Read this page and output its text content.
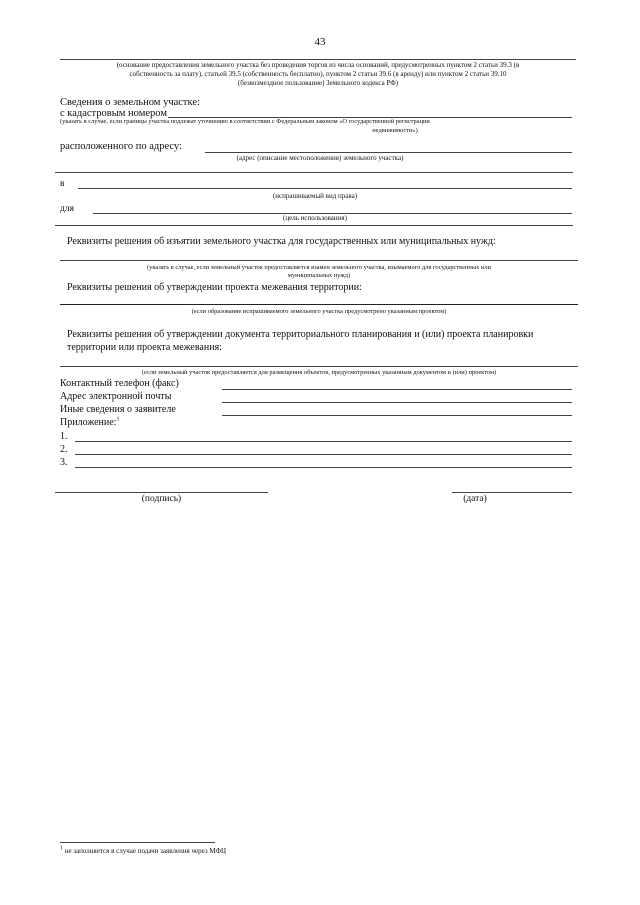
43
(основание предоставления земельного участка без проведения торгов из числа оснований, предусмотренных пунктом 2 статьи 39.3 (в
собственность за плату), статьей 39.5 (собственность бесплатно), пунктом 2 статьи 39.6 (в аренду) или пунктом 2 статьи 39.10
(безвозмездное пользование) Земельного кодекса РФ)
Сведения о земельном участке:
с кадастровым номером
(указать в случае, если границы участка подлежат уточнению в соответствии с Федеральным законом «О государственной регистрации
недвижимости»)
расположенного по адресу:
(адрес (описание местоположения) земельного участка)
в
(испрашиваемый вид права)
для
(цель использования)
Реквизиты решения об изъятии земельного участка для государственных или муниципальных нужд:
(указать в случае, если земельный участок предоставляется взамен земельного участка, изымаемого для государственных или
муниципальных нужд)
Реквизиты решения об утверждении проекта межевания территории:
(если образование испрашиваемого земельного участка предусмотрено указанным проектом)
Реквизиты решения об утверждении документа территориального планирования и (или) проекта планировки
территории или проекта межевания:
(если земельный участок предоставляется для размещения объектов, предусмотренных указанным документом и (или) проектом)
Контактный телефон (факс)
Адрес электронной почты
Иные сведения о заявителе
Приложение:$^1$
1.
2.
3.
(подпись)	(дата)
1 не заполняется в случае подачи заявления через МФЦ
